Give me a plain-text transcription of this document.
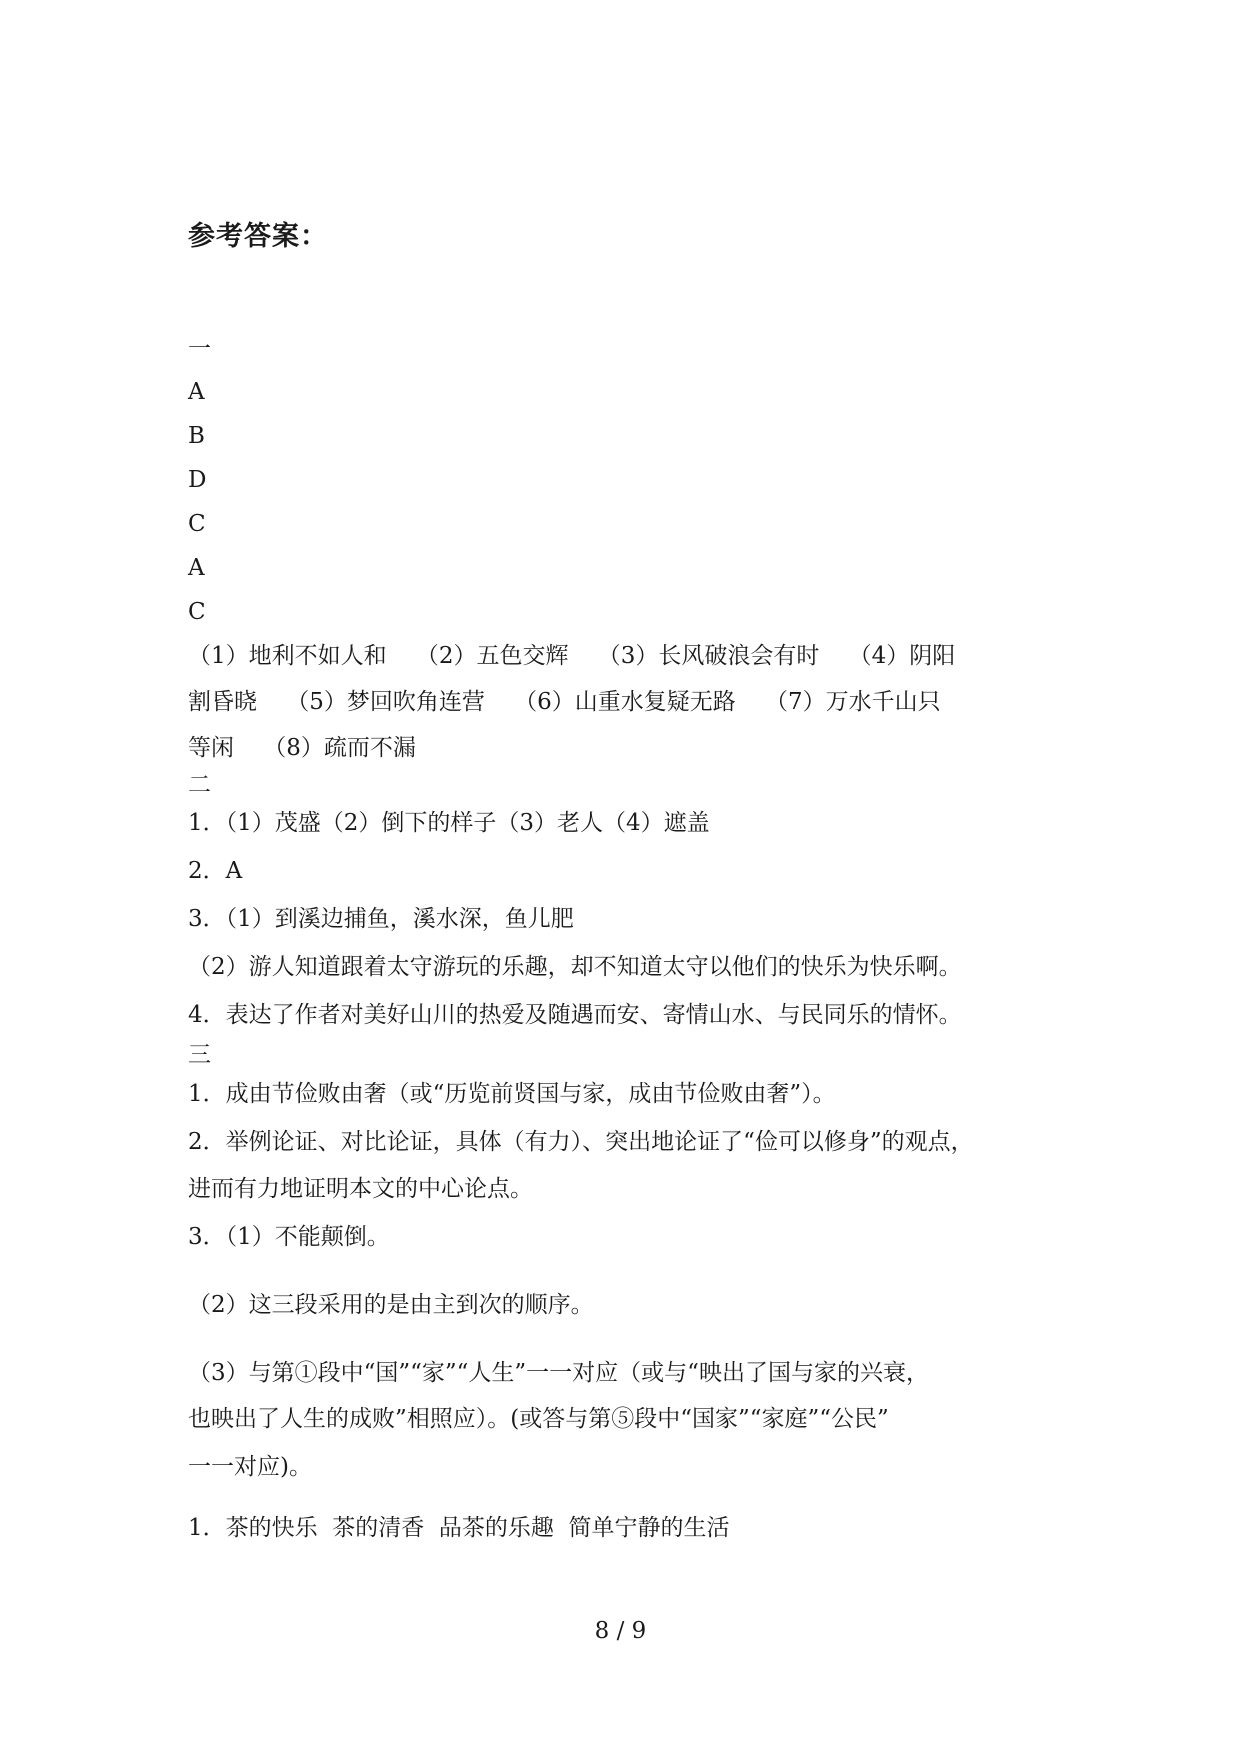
参考答案：
一
A
B
D
C
A
C
（1）地利不如人和    （2）五色交辉    （3）长风破浪会有时    （4）阴阳
割昏晓    （5）梦回吹角连营    （6）山重水复疑无路    （7）万水千山只
等闲    （8）疏而不漏
二
1．（1）茂盛（2）倒下的样子（3）老人（4）遮盖
2．A
3．（1）到溪边捕鱼，溪水深，鱼儿肥
（2）游人知道跟着太守游玩的乐趣，却不知道太守以他们的快乐为快乐啊。
4．表达了作者对美好山川的热爱及随遇而安、寄情山水、与民同乐的情怀。
三
1．成由节俭败由奢（或“历览前贤国与家，成由节俭败由奢”）。
2．举例论证、对比论证，具体（有力）、突出地论证了“俭可以修身”的观点，
进而有力地证明本文的中心论点。
3．（1）不能颠倒。
（2）这三段采用的是由主到次的顺序。
（3）与第①段中“国”“家”“人生”一一对应（或与“映出了国与家的兴衰，
也映出了人生的成败”相照应）。(或答与第⑤段中“国家”“家庭”“公民”
一一对应)。
1．茶的快乐  茶的清香  品茶的乐趣  简单宁静的生活
8 / 9
